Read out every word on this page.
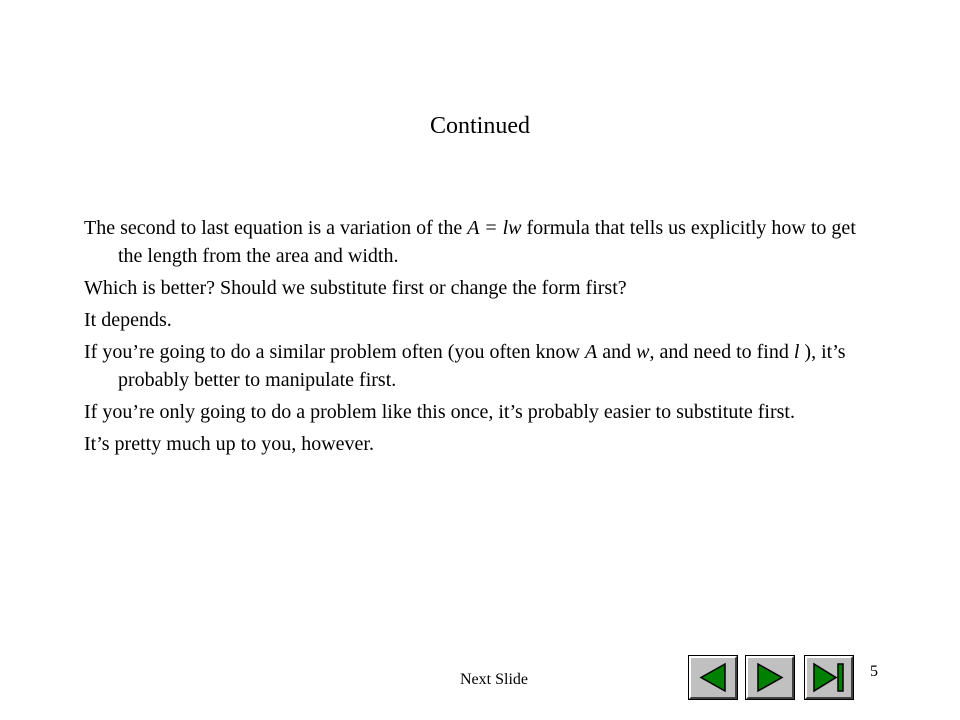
Continued

The second to last equation is a variation of the A = lw formula that tells us explicitly how to get the length from the area and width.

Which is better? Should we substitute first or change the form first?

It depends.

If you’re going to do a similar problem often (you often know A and w, and need to find l ), it’s probably better to manipulate first.

If you’re only going to do a problem like this once, it’s probably easier to substitute first.

It’s pretty much up to you, however.

Next Slide	5
